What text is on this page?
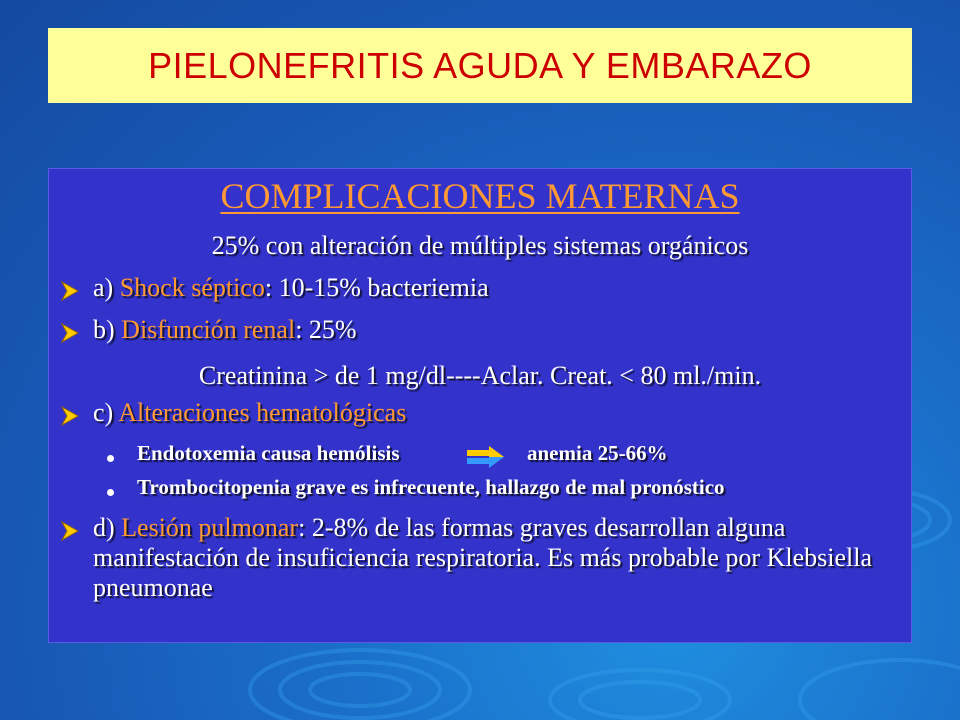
PIELONEFRITIS AGUDA Y EMBARAZO
COMPLICACIONES MATERNAS
25% con alteración de múltiples sistemas orgánicos
a) Shock séptico: 10-15% bacteriemia
b) Disfunción renal: 25%
Creatinina > de 1 mg/dl----Aclar. Creat. < 80 ml./min.
c) Alteraciones hematológicas
Endotoxemia causa hemólisis	anemia 25-66%
Trombocitopenia grave es infrecuente, hallazgo de mal pronóstico
d) Lesión pulmonar: 2-8% de las formas graves desarrollan alguna manifestación de insuficiencia respiratoria. Es más probable por Klebsiella pneumonae
